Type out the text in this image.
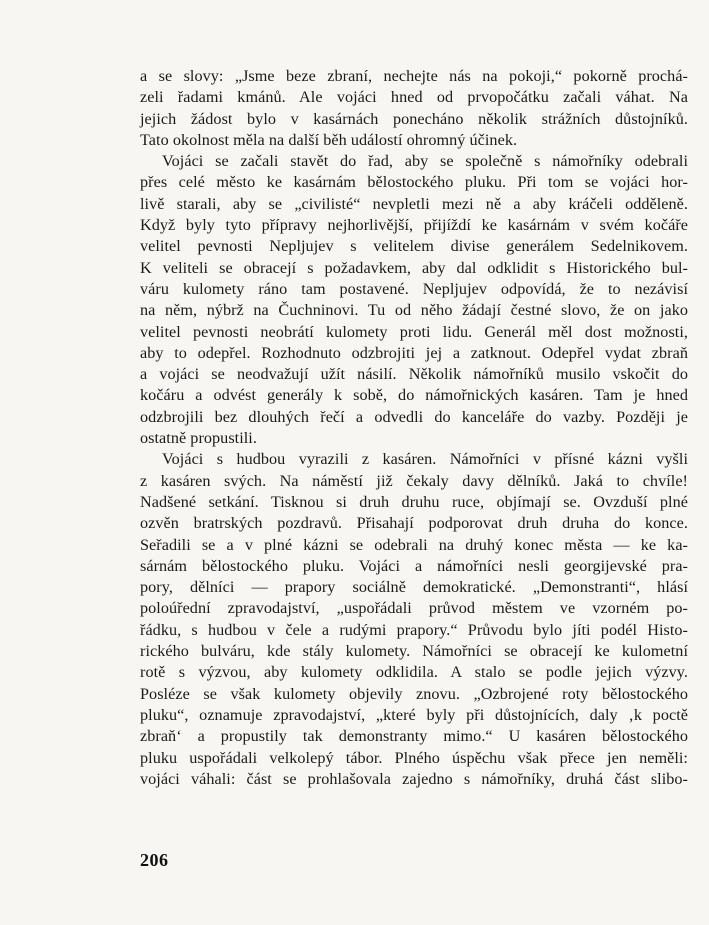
a se slovy: „Jsme beze zbraní, nechejte nás na pokoji,“ pokorně prochá-
zeli řadami kmánů. Ale vojáci hned od prvopočátku začali váhat. Na
jejich žádost bylo v kasárnách ponecháno několik strážních důstojníků.
Tato okolnost měla na další běh událostí ohromný účinek.
Vojáci se začali stavět do řad, aby se společně s námořníky odebrali
přes celé město ke kasárnám bělostockého pluku. Při tom se vojáci hor-
livě starali, aby se „civilisté“ nevpletli mezi ně a aby kráčeli odděleně.
Když byly tyto přípravy nejhorlivější, přijíždí ke kasárnám v svém kočáře
velitel pevnosti Nepljujev s velitelem divise generálem Sedelnikovem.
K veliteli se obracejí s požadavkem, aby dal odklidit s Historického bul-
váru kulomety ráno tam postavené. Nepljujev odpovídá, že to nezávisí
na něm, nýbrž na Čuchninovi. Tu od něho žádají čestné slovo, že on jako
velitel pevnosti neobrátí kulomety proti lidu. Generál měl dost možnosti,
aby to odepřel. Rozhodnuto odzbrojiti jej a zatknout. Odepřel vydat zbraň
a vojáci se neodvažují užít násilí. Několik námořníků musilo vskočit do
kočáru a odvést generály k sobě, do námořnických kasáren. Tam je hned
odzbrojili bez dlouhých řečí a odvedli do kanceláře do vazby. Později je
ostatně propustili.
Vojáci s hudbou vyrazili z kasáren. Námořníci v přísné kázni vyšli
z kasáren svých. Na náměstí již čekaly davy dělníků. Jaká to chvíle!
Nadšené setkání. Tisknou si druh druhu ruce, objímají se. Ovzduší plné
ozvěn bratrských pozdravů. Přisahají podporovat druh druha do konce.
Seřadili se a v plné kázni se odebrali na druhý konec města — ke ka-
sárnám bělostockého pluku. Vojáci a námořníci nesli georgijevské pra-
pory, dělníci — prapory sociálně demokratické. „Demonstranti“, hlásí
poloúřední zpravodajství, „uspořádali průvod městem ve vzorném po-
řádku, s hudbou v čele a rudými prapory.“ Průvodu bylo jíti podél Histo-
rického bulváru, kde stály kulomety. Námořníci se obracejí ke kulometní
rotě s výzvou, aby kulomety odklidila. A stalo se podle jejich výzvy.
Posléze se však kulomety objevily znovu. „Ozbrojené roty bělostockého
pluku“, oznamuje zpravodajství, „které byly při důstojnících, daly ‚k poctě
zbraň‘ a propustily tak demonstranty mimo.“ U kasáren bělostockého
pluku uspořádali velkolepý tábor. Plného úspěchu však přece jen neměli:
vojáci váhali: část se prohlašovala zajedno s námořníky, druhá část slibo-
206
